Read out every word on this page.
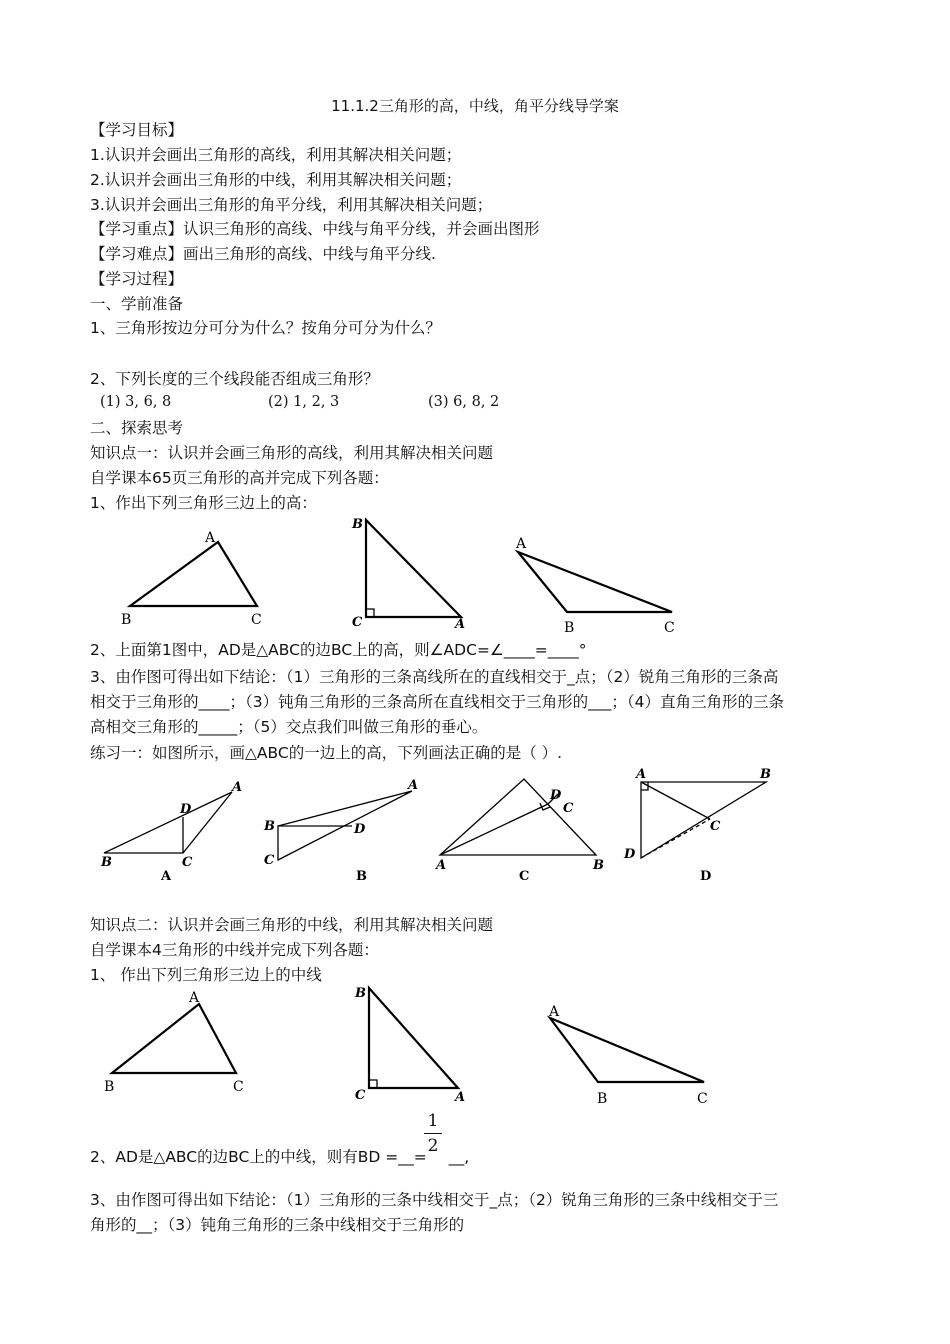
11.1.2三角形的高，中线，角平分线导学案
【学习目标】
1.认识并会画出三角形的高线，利用其解决相关问题；
2.认识并会画出三角形的中线，利用其解决相关问题；
3.认识并会画出三角形的角平分线，利用其解决相关问题；
【学习重点】认识三角形的高线、中线与角平分线，并会画出图形
【学习难点】画出三角形的高线、中线与角平分线.
【学习过程】
一、学前准备
1、三角形按边分可分为什么？按角分可分为什么？
2、下列长度的三个线段能否组成三角形？
(1) 3, 6, 8	(2) 1, 2, 3	(3) 6, 8, 2
二、探索思考
知识点一：认识并会画三角形的高线，利用其解决相关问题
自学课本65页三角形的高并完成下列各题：
1、作出下列三角形三边上的高：
2、上面第1图中，AD是△ABC的边BC上的高，则∠ADC=∠____=____°
3、由作图可得出如下结论：（1）三角形的三条高线所在的直线相交于_点；（2）锐角三角形的三条高
相交于三角形的____；（3）钝角三角形的三条高所在直线相交于三角形的___；（4）直角三角形的三条
高相交三角形的_____；（5）交点我们叫做三角形的垂心。
练习一：如图所示，画△ABC的一边上的高，下列画法正确的是（ ）.
知识点二：认识并会画三角形的中线，利用其解决相关问题
自学课本4三角形的中线并完成下列各题：
1、 作出下列三角形三边上的中线
2、AD是△ABC的边BC上的中线，则有BD =__= __,
1
2
3、由作图可得出如下结论：（1）三角形的三条中线相交于_点；（2）锐角三角形的三条中线相交于三
角形的__；（3）钝角三角形的三条中线相交于三角形的
A
B	C
A
B	C
B
C	A
A
D
B	C
A
B	D
C
D
C
A	B
A	B
C
D
A	B	C	D
A
B	C
A
B	C
B
C	A
